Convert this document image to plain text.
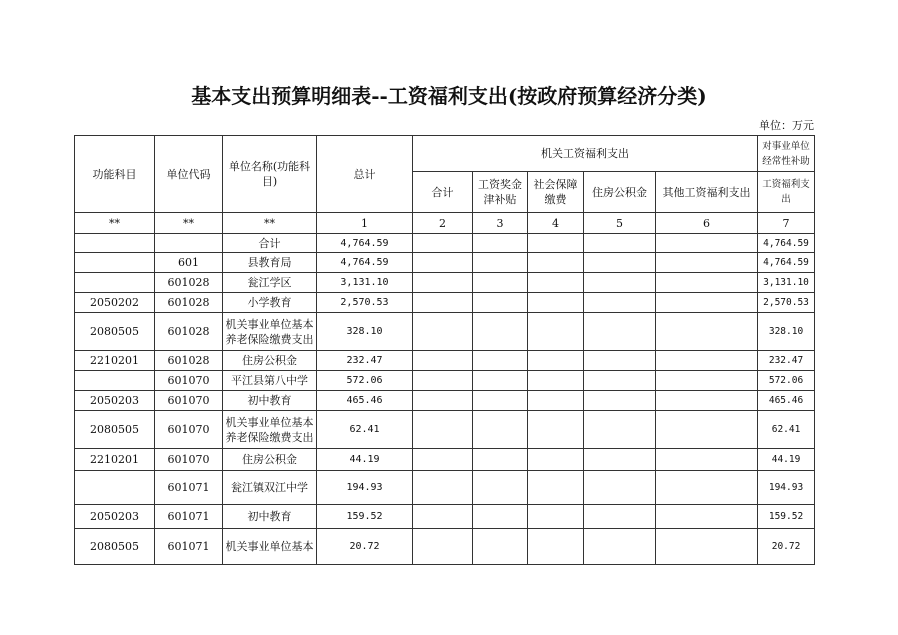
基本支出预算明细表--工资福利支出(按政府预算经济分类)
单位：万元
功能科目	单位代码	单位名称(功能科目)	总计	机关工资福利支出					对事业单位经常性补助
				合计	工资奖金津补贴	社会保障缴费	住房公积金	其他工资福利支出	工资福利支出
**	**	**	1	2	3	4	5	6	7
		合计	4,764.59						4,764.59
	601	县教育局	4,764.59						4,764.59
	601028	瓮江学区	3,131.10						3,131.10
2050202	601028	小学教育	2,570.53						2,570.53
2080505	601028	机关事业单位基本养老保险缴费支出	328.10						328.10
2210201	601028	住房公积金	232.47						232.47
	601070	平江县第八中学	572.06						572.06
2050203	601070	初中教育	465.46						465.46
2080505	601070	机关事业单位基本养老保险缴费支出	62.41						62.41
2210201	601070	住房公积金	44.19						44.19
	601071	瓮江镇双江中学	194.93						194.93
2050203	601071	初中教育	159.52						159.52
2080505	601071	机关事业单位基本	20.72						20.72
